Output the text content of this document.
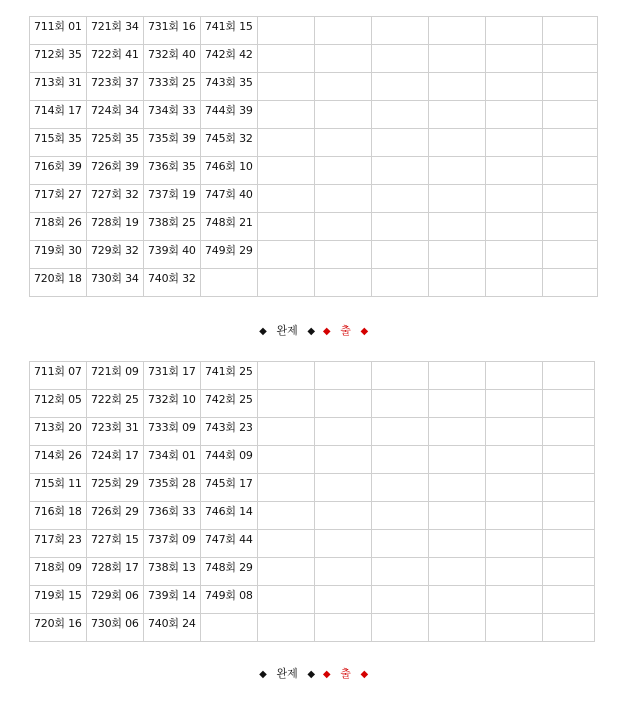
711회 01	721회 34	731회 16	741회 15						

712회 35	722회 41	732회 40	742회 42						

713회 31	723회 37	733회 25	743회 35						

714회 17	724회 34	734회 33	744회 39						

715회 35	725회 35	735회 39	745회 32						

716회 39	726회 39	736회 35	746회 10						

717회 27	727회 32	737회 19	747회 40						

718회 26	728회 19	738회 25	748회 21						

719회 30	729회 32	739회 40	749회 29						

720회 18	730회 34	740회 32							

◆ 완제 ◆ ◆ 출 ◆
711회 07	721회 09	731회 17	741회 25						

712회 05	722회 25	732회 10	742회 25						

713회 20	723회 31	733회 09	743회 23						

714회 26	724회 17	734회 01	744회 09						

715회 11	725회 29	735회 28	745회 17						

716회 18	726회 29	736회 33	746회 14						

717회 23	727회 15	737회 09	747회 44						

718회 09	728회 17	738회 13	748회 29						

719회 15	729회 06	739회 14	749회 08						

720회 16	730회 06	740회 24							

◆ 완제 ◆ ◆ 출 ◆
